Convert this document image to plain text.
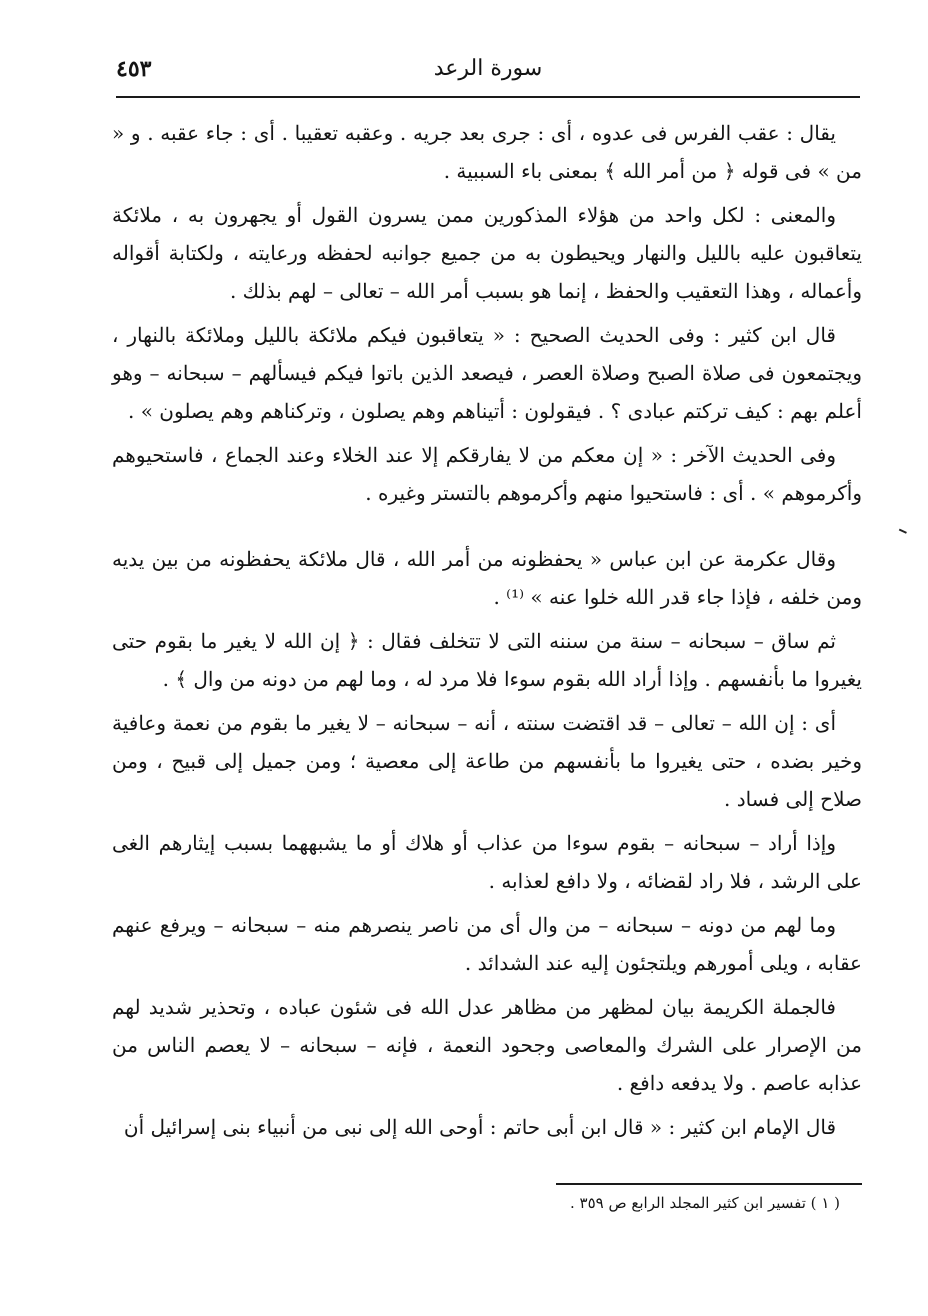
٤٥٣	سورة الرعد

يقال : عقب الفرس فى عدوه ، أى : جرى بعد جريه . وعقبه تعقيبا . أى : جاء عقبه . و « من » فى قوله ﴿ من أمر الله ﴾ بمعنى باء السببية .

والمعنى : لكل واحد من هؤلاء المذكورين ممن يسرون القول أو يجهرون به ، ملائكة يتعاقبون عليه بالليل والنهار ويحيطون به من جميع جوانبه لحفظه ورعايته ، ولكتابة أقواله وأعماله ، وهذا التعقيب والحفظ ، إنما هو بسبب أمر الله – تعالى – لهم بذلك .

قال ابن كثير : وفى الحديث الصحيح : « يتعاقبون فيكم ملائكة بالليل وملائكة بالنهار ، ويجتمعون فى صلاة الصبح وصلاة العصر ، فيصعد الذين باتوا فيكم فيسألهم – سبحانه – وهو أعلم بهم : كيف تركتم عبادى ؟ . فيقولون : أتيناهم وهم يصلون ، وتركناهم وهم يصلون » .

وفى الحديث الآخر : « إن معكم من لا يفارقكم إلا عند الخلاء وعند الجماع ، فاستحيوهم وأكرموهم » . أى : فاستحيوا منهم وأكرموهم بالتستر وغيره .

وقال عكرمة عن ابن عباس « يحفظونه من أمر الله ، قال ملائكة يحفظونه من بين يديه ومن خلفه ، فإذا جاء قدر الله خلوا عنه » ⁽¹⁾ .

ثم ساق – سبحانه – سنة من سننه التى لا تتخلف فقال : ﴿ إن الله لا يغير ما بقوم حتى يغيروا ما بأنفسهم . وإذا أراد الله بقوم سوءا فلا مرد له ، وما لهم من دونه من وال ﴾ .

أى : إن الله – تعالى – قد اقتضت سنته ، أنه – سبحانه – لا يغير ما بقوم من نعمة وعافية وخير بضده ، حتى يغيروا ما بأنفسهم من طاعة إلى معصية ؛ ومن جميل إلى قبيح ، ومن صلاح إلى فساد .

وإذا أراد – سبحانه – بقوم سوءا من عذاب أو هلاك أو ما يشبههما بسبب إيثارهم الغى على الرشد ، فلا راد لقضائه ، ولا دافع لعذابه .

وما لهم من دونه – سبحانه – من وال أى من ناصر ينصرهم منه – سبحانه – ويرفع عنهم عقابه ، ويلى أمورهم ويلتجئون إليه عند الشدائد .

فالجملة الكريمة بيان لمظهر من مظاهر عدل الله فى شئون عباده ، وتحذير شديد لهم من الإصرار على الشرك والمعاصى وجحود النعمة ، فإنه – سبحانه – لا يعصم الناس من عذابه عاصم . ولا يدفعه دافع .

قال الإمام ابن كثير : « قال ابن أبى حاتم : أوحى الله إلى نبى من أنبياء بنى إسرائيل أن

( ١ ) تفسير ابن كثير المجلد الرابع ص ٣٥٩ .
